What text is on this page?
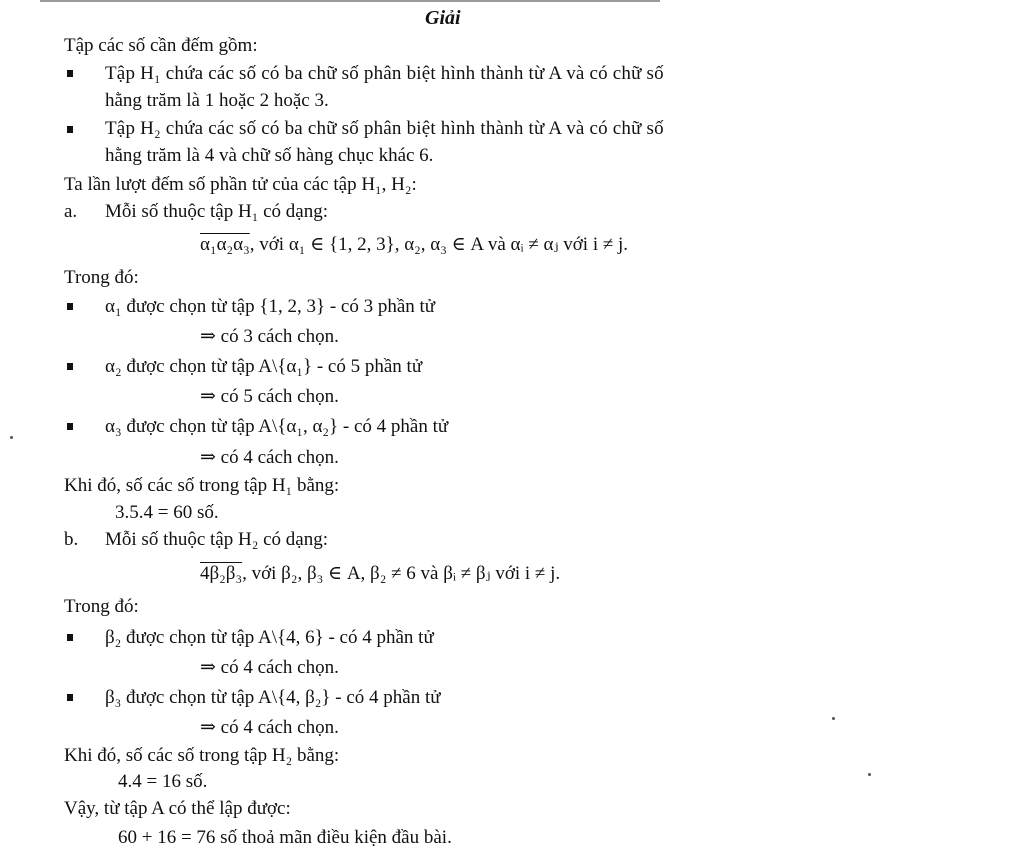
Giải
Tập các số cần đếm gồm:
Tập H₁ chứa các số có ba chữ số phân biệt hình thành từ A và có chữ số
hằng trăm là 1 hoặc 2 hoặc 3.
Tập H₂ chứa các số có ba chữ số phân biệt hình thành từ A và có chữ số
hằng trăm là 4 và chữ số hàng chục khác 6.
Ta lần lượt đếm số phần tử của các tập H₁, H₂:
a. Mỗi số thuộc tập H₁ có dạng:
α₁α₂α₃, với α₁ ∈ {1, 2, 3}, α₂, α₃ ∈ A và αᵢ ≠ αⱼ với i ≠ j.
Trong đó:
α₁ được chọn từ tập {1, 2, 3} - có 3 phần tử
⇒ có 3 cách chọn.
α₂ được chọn từ tập A\{α₁} - có 5 phần tử
⇒ có 5 cách chọn.
α₃ được chọn từ tập A\{α₁, α₂} - có 4 phần tử
⇒ có 4 cách chọn.
Khi đó, số các số trong tập H₁ bằng:
3.5.4 = 60 số.
b. Mỗi số thuộc tập H₂ có dạng:
4β₂β₃, với β₂, β₃ ∈ A, β₂ ≠ 6 và βᵢ ≠ βⱼ với i ≠ j.
Trong đó:
β₂ được chọn từ tập A\{4, 6} - có 4 phần tử
⇒ có 4 cách chọn.
β₃ được chọn từ tập A\{4, β₂} - có 4 phần tử
⇒ có 4 cách chọn.
Khi đó, số các số trong tập H₂ bằng:
4.4 = 16 số.
Vậy, từ tập A có thể lập được:
60 + 16 = 76 số thoả mãn điều kiện đầu bài.
